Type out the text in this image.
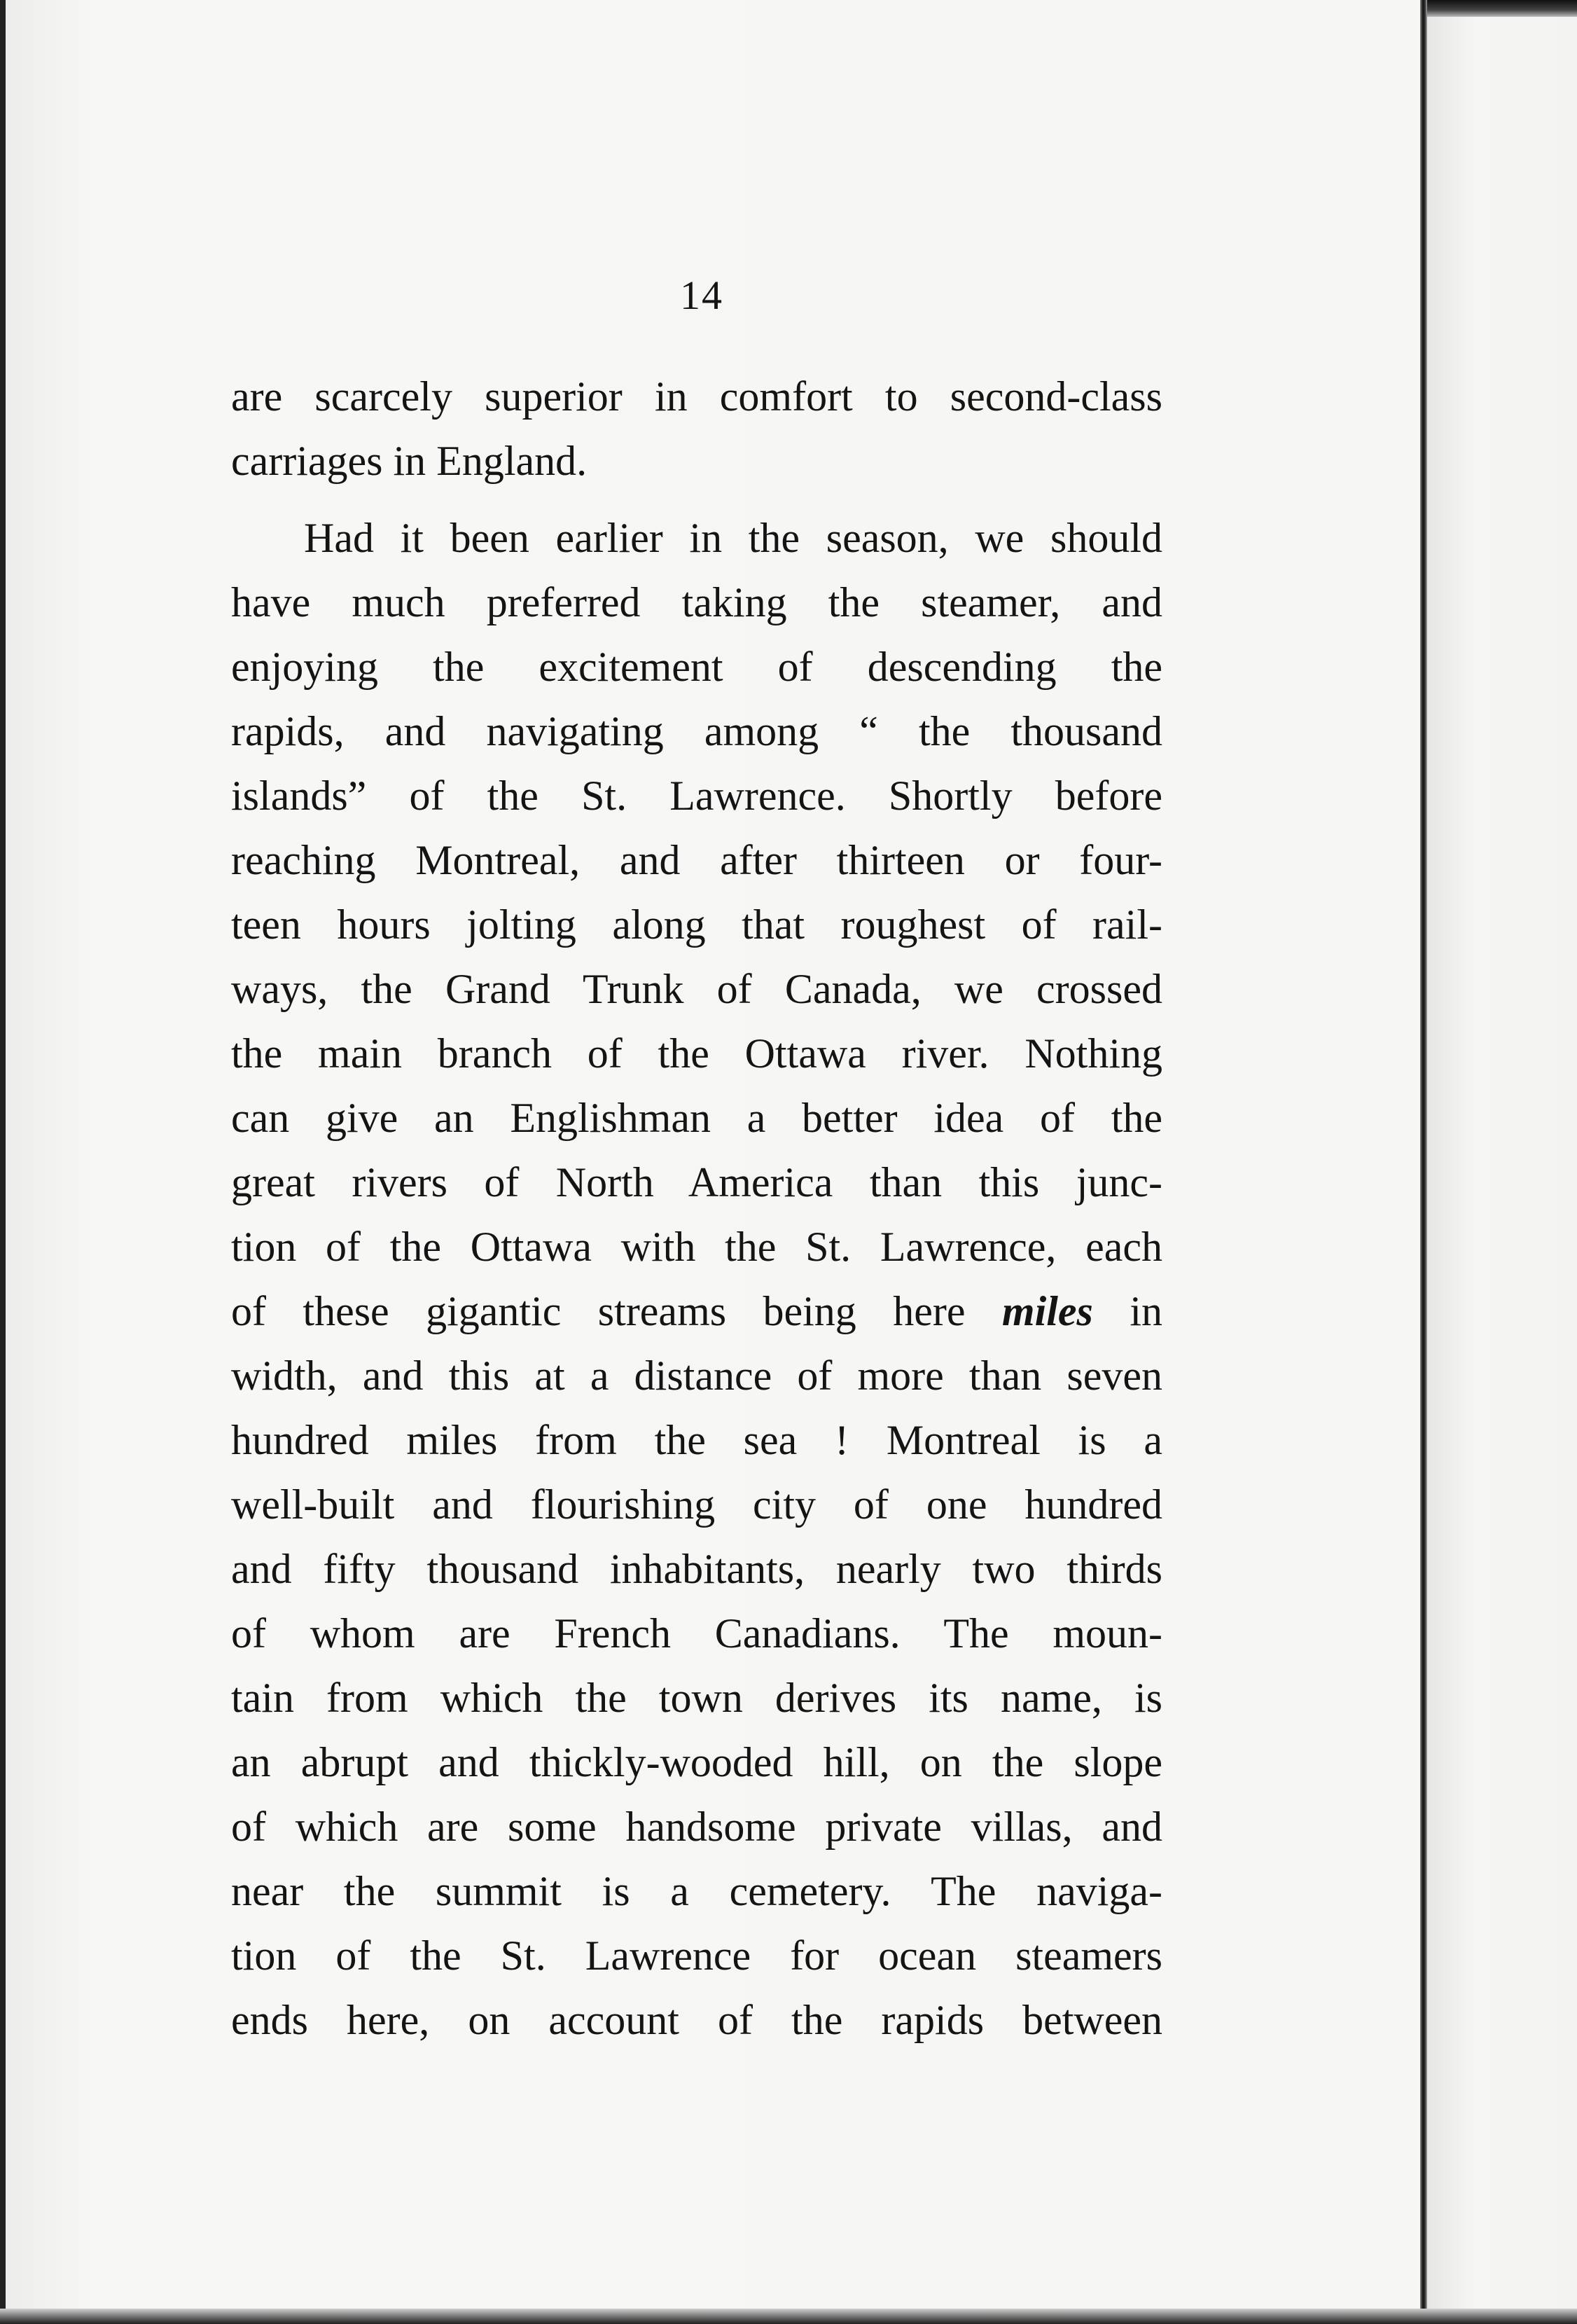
14
are scarcely superior in comfort to second-class
carriages in England.
Had it been earlier in the season, we should
have much preferred taking the steamer, and
enjoying the excitement of descending the
rapids, and navigating among “ the thousand
islands” of the St. Lawrence. Shortly before
reaching Montreal, and after thirteen or four-
teen hours jolting along that roughest of rail-
ways, the Grand Trunk of Canada, we crossed
the main branch of the Ottawa river. Nothing
can give an Englishman a better idea of the
great rivers of North America than this junc-
tion of the Ottawa with the St. Lawrence, each
of these gigantic streams being here miles in
width, and this at a distance of more than seven
hundred miles from the sea ! Montreal is a
well-built and flourishing city of one hundred
and fifty thousand inhabitants, nearly two thirds
of whom are French Canadians. The moun-
tain from which the town derives its name, is
an abrupt and thickly-wooded hill, on the slope
of which are some handsome private villas, and
near the summit is a cemetery. The naviga-
tion of the St. Lawrence for ocean steamers
ends here, on account of the rapids between
